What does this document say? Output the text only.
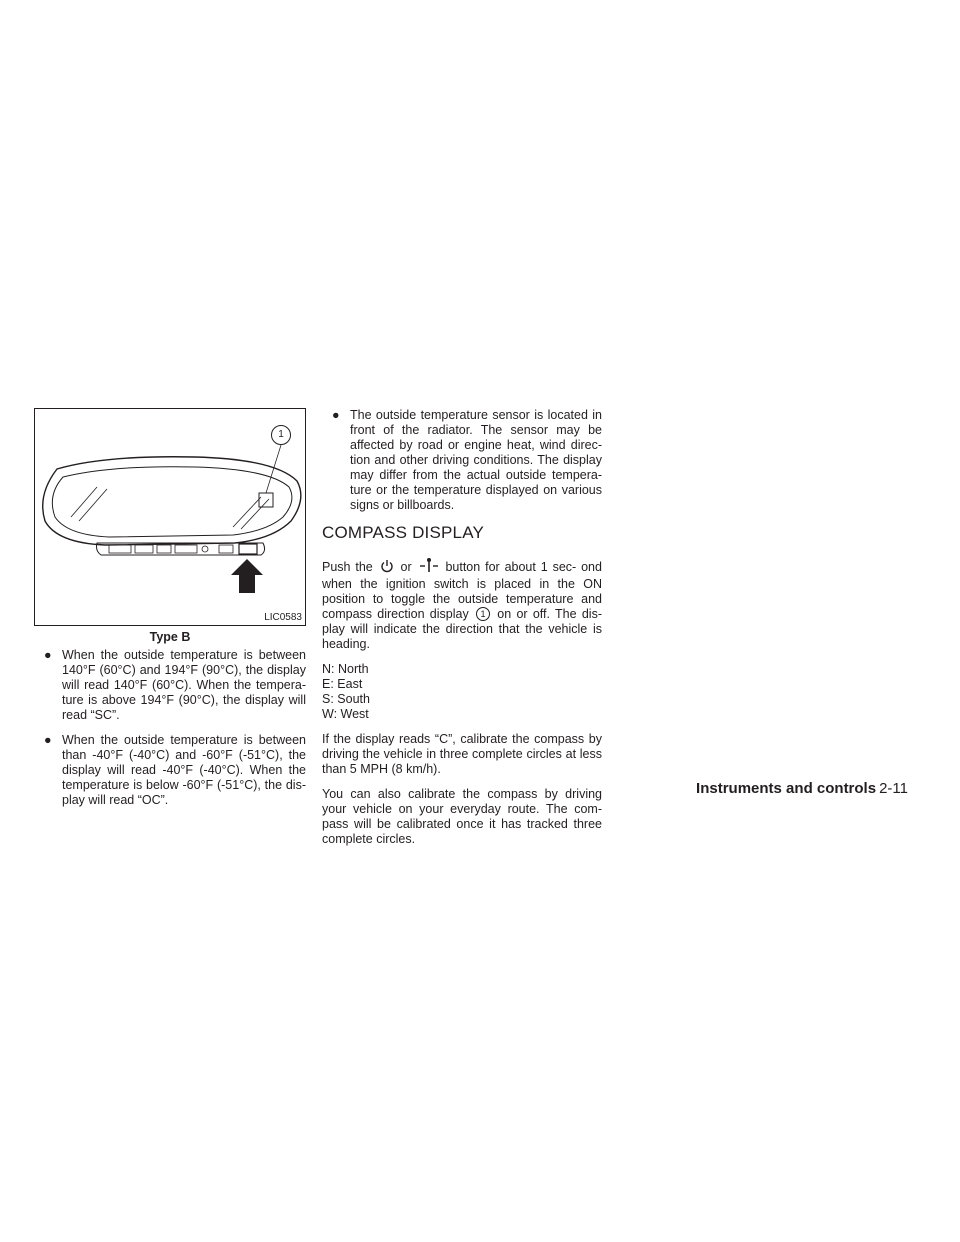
1
LIC0583
Type B
● When the outside temperature is between 140°F (60°C) and 194°F (90°C), the display will read 140°F (60°C). When the tempera- ture is above 194°F (90°C), the display will read “SC”.
● When the outside temperature is between than -40°F (-40°C) and -60°F (-51°C), the display will read -40°F (-40°C). When the temperature is below -60°F (-51°C), the dis- play will read “OC”.
● The outside temperature sensor is located in front of the radiator. The sensor may be affected by road or engine heat, wind direc- tion and other driving conditions. The display may differ from the actual outside tempera- ture or the temperature displayed on various signs or billboards.
COMPASS DISPLAY

Push the or	button for about 1 sec- ond when the ignition switch is placed in the ON position to toggle the outside temperature and compass direction display 1 on or off. The dis- play will indicate the direction that the vehicle is heading.

N: North
E: East
S: South
W: West

If the display reads “C”, calibrate the compass by driving the vehicle in three complete circles at less than 5 MPH (8 km/h).

You can also calibrate the compass by driving your vehicle on your everyday route. The com- pass will be calibrated once it has tracked three complete circles.

Instruments and controls 2-11
